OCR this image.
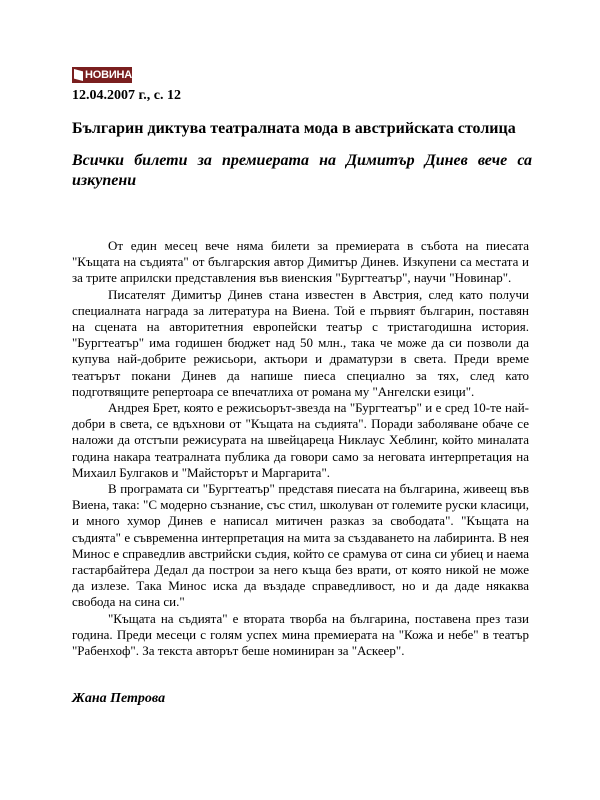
НОВИНАР
12.04.2007 г., с. 12
Българин диктува театралната мода в австрийската столица
Всички билети за премиерата на Димитър Динев вече са изкупени

От един месец вече няма билети за премиерата в събота на пиесата "Къщата на съдията" от българския автор Димитър Динев. Изкупени са местата и за трите априлски представления във виенския "Бургтеатър", научи "Новинар".

Писателят Димитър Динев стана известен в Австрия, след като получи специалната награда за литература на Виена. Той е първият българин, поставян на сцената на авторитетния европейски театър с тристагодишна история. "Бургтеатър" има годишен бюджет над 50 млн., така че може да си позволи да купува най-добрите режисьори, актьори и драматурзи в света. Преди време театърът покани Динев да напише пиеса специално за тях, след като подготвящите репертоара се впечатлиха от романа му "Ангелски езици".

Андрея Брет, която е режисьорът-звезда на "Бургтеатър" и е сред 10-те най-добри в света, се вдъхнови от "Къщата на съдията". Поради заболяване обаче се наложи да отстъпи режисурата на швейцареца Никлаус Хеблинг, който миналата година накара театралната публика да говори само за неговата интерпретация на Михаил Булгаков и "Майсторът и Маргарита".

В програмата си "Бургтеатър" представя пиесата на българина, живеещ във Виена, така: "С модерно съзнание, със стил, школуван от големите руски класици, и много хумор Динев е написал митичен разказ за свободата". "Къщата на съдията" е съвременна интерпретация на мита за създаването на лабиринта. В нея Минос е справедлив австрийски съдия, който се срамува от сина си убиец и наема гастарбайтера Дедал да построи за него къща без врати, от която никой не може да излезе. Така Минос иска да въздаде справедливост, но и да даде някаква свобода на сина си."

"Къщата на съдията" е втората творба на българина, поставена през тази година. Преди месеци с голям успех мина премиерата на "Кожа и небе" в театър "Рабенхоф". За текста авторът беше номиниран за "Аскеер".

Жана Петрова
